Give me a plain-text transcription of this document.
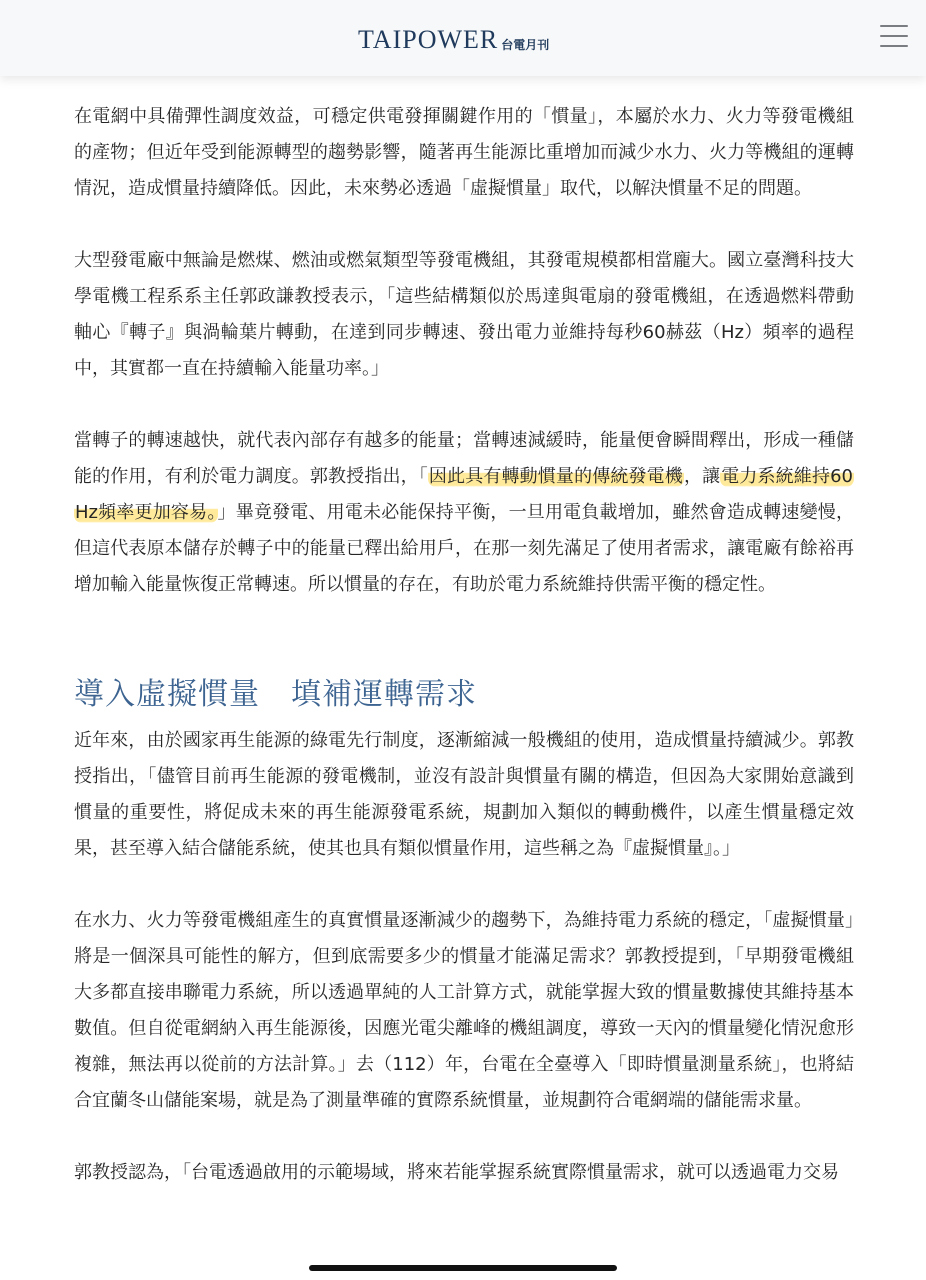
TAIPOWER 台電月刊

在電網中具備彈性調度效益，可穩定供電發揮關鍵作用的「慣量」，本屬於水力、火力等發電機組的產物；但近年受到能源轉型的趨勢影響，隨著再生能源比重增加而減少水力、火力等機組的運轉情況，造成慣量持續降低。因此，未來勢必透過「虛擬慣量」取代，以解決慣量不足的問題。

大型發電廠中無論是燃煤、燃油或燃氣類型等發電機組，其發電規模都相當龐大。國立臺灣科技大學電機工程系系主任郭政謙教授表示，「這些結構類似於馬達與電扇的發電機組，在透過燃料帶動軸心『轉子』與渦輪葉片轉動，在達到同步轉速、發出電力並維持每秒60赫茲（Hz）頻率的過程中，其實都一直在持續輸入能量功率。」

當轉子的轉速越快，就代表內部存有越多的能量；當轉速減緩時，能量便會瞬間釋出，形成一種儲能的作用，有利於電力調度。郭教授指出，「因此具有轉動慣量的傳統發電機，讓電力系統維持60Hz頻率更加容易。」畢竟發電、用電未必能保持平衡，一旦用電負載增加，雖然會造成轉速變慢，但這代表原本儲存於轉子中的能量已釋出給用戶，在那一刻先滿足了使用者需求，讓電廠有餘裕再增加輸入能量恢復正常轉速。所以慣量的存在，有助於電力系統維持供需平衡的穩定性。

導入虛擬慣量　填補運轉需求

近年來，由於國家再生能源的綠電先行制度，逐漸縮減一般機組的使用，造成慣量持續減少。郭教授指出，「儘管目前再生能源的發電機制，並沒有設計與慣量有關的構造，但因為大家開始意識到慣量的重要性，將促成未來的再生能源發電系統，規劃加入類似的轉動機件，以產生慣量穩定效果，甚至導入結合儲能系統，使其也具有類似慣量作用，這些稱之為『虛擬慣量』。」

在水力、火力等發電機組產生的真實慣量逐漸減少的趨勢下，為維持電力系統的穩定，「虛擬慣量」將是一個深具可能性的解方，但到底需要多少的慣量才能滿足需求？郭教授提到，「早期發電機組大多都直接串聯電力系統，所以透過單純的人工計算方式，就能掌握大致的慣量數據使其維持基本數值。但自從電網納入再生能源後，因應光電尖離峰的機組調度，導致一天內的慣量變化情況愈形複雜，無法再以從前的方法計算。」去（112）年，台電在全臺導入「即時慣量測量系統」，也將結合宜蘭冬山儲能案場，就是為了測量準確的實際系統慣量，並規劃符合電網端的儲能需求量。

郭教授認為，「台電透過啟用的示範場域，將來若能掌握系統實際慣量需求，就可以透過電力交易
